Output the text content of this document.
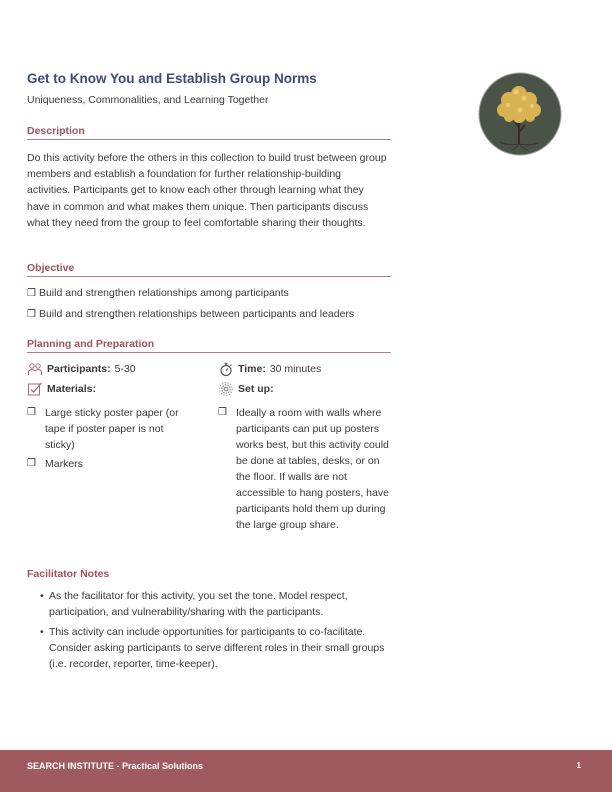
Get to Know You and Establish Group Norms
Uniqueness, Commonalities, and Learning Together
Description
Do this activity before the others in this collection to build trust between group members and establish a foundation for further relationship-building activities. Participants get to know each other through learning what they have in common and what makes them unique. Then participants discuss what they need from the group to feel comfortable sharing their thoughts.
Objective
❒ Build and strengthen relationships among participants
❒ Build and strengthen relationships between participants and leaders
Planning and Preparation
Participants: 5-30	Time: 30 minutes
Materials:	Set up:
❒ Large sticky poster paper (or tape if poster paper is not sticky)
❒ Markers
❒ Ideally a room with walls where participants can put up posters works best, but this activity could be done at tables, desks, or on the floor. If walls are not accessible to hang posters, have participants hold them up during the large group share.
Facilitator Notes
• As the facilitator for this activity, you set the tone. Model respect, participation, and vulnerability/sharing with the participants.
• This activity can include opportunities for participants to co-facilitate. Consider asking participants to serve different roles in their small groups (i.e. recorder, reporter, time-keeper).
SEARCH INSTITUTE - Practical Solutions	1
